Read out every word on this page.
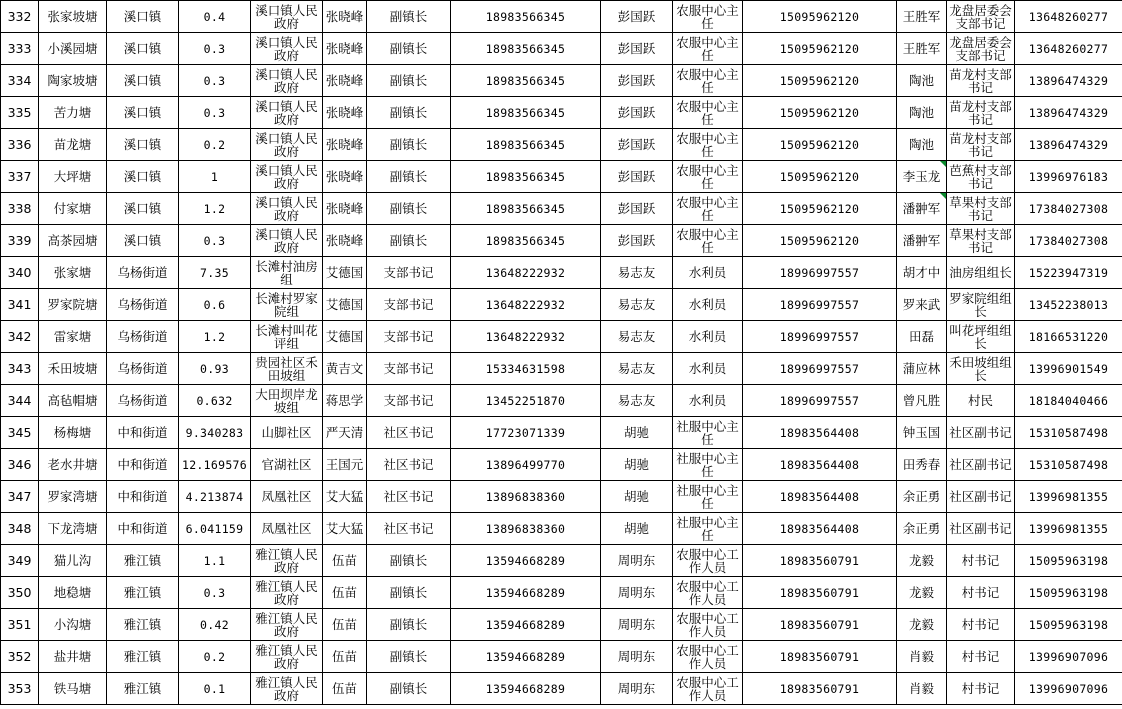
332	张家坡塘	溪口镇	0.4	溪口镇人民政府	张晓峰	副镇长	18983566345	彭国跃	农服中心主任	15095962120	王胜军	龙盘居委会支部书记	13648260277
333	小溪园塘	溪口镇	0.3	溪口镇人民政府	张晓峰	副镇长	18983566345	彭国跃	农服中心主任	15095962120	王胜军	龙盘居委会支部书记	13648260277
334	陶家坡塘	溪口镇	0.3	溪口镇人民政府	张晓峰	副镇长	18983566345	彭国跃	农服中心主任	15095962120	陶池	苗龙村支部书记	13896474329
335	苦力塘	溪口镇	0.3	溪口镇人民政府	张晓峰	副镇长	18983566345	彭国跃	农服中心主任	15095962120	陶池	苗龙村支部书记	13896474329
336	苗龙塘	溪口镇	0.2	溪口镇人民政府	张晓峰	副镇长	18983566345	彭国跃	农服中心主任	15095962120	陶池	苗龙村支部书记	13896474329
337	大坪塘	溪口镇	1	溪口镇人民政府	张晓峰	副镇长	18983566345	彭国跃	农服中心主任	15095962120	李玉龙	芭蕉村支部书记	13996976183
338	付家塘	溪口镇	1.2	溪口镇人民政府	张晓峰	副镇长	18983566345	彭国跃	农服中心主任	15095962120	潘翀军	草果村支部书记	17384027308
339	高茶园塘	溪口镇	0.3	溪口镇人民政府	张晓峰	副镇长	18983566345	彭国跃	农服中心主任	15095962120	潘翀军	草果村支部书记	17384027308
340	张家塘	乌杨街道	7.35	长滩村油房组	艾德国	支部书记	13648222932	易志友	水利员	18996997557	胡才中	油房组组长	15223947319
341	罗家院塘	乌杨街道	0.6	长滩村罗家院组	艾德国	支部书记	13648222932	易志友	水利员	18996997557	罗来武	罗家院组组长	13452238013
342	雷家塘	乌杨街道	1.2	长滩村叫花评组	艾德国	支部书记	13648222932	易志友	水利员	18996997557	田磊	叫花坪组组长	18166531220
343	禾田坡塘	乌杨街道	0.93	贵园社区禾田坡组	黄吉文	支部书记	15334631598	易志友	水利员	18996997557	蒲应林	禾田坡组组长	13996901549
344	高毡帽塘	乌杨街道	0.632	大田坝岸龙坡组	蒋思学	支部书记	13452251870	易志友	水利员	18996997557	曾凡胜	村民	18184040466
345	杨梅塘	中和街道	9.340283	山脚社区	严天清	社区书记	17723071339	胡驰	社服中心主任	18983564408	钟玉国	社区副书记	15310587498
346	老水井塘	中和街道	12.169576	官湖社区	王国元	社区书记	13896499770	胡驰	社服中心主任	18983564408	田秀春	社区副书记	15310587498
347	罗家湾塘	中和街道	4.213874	凤凰社区	艾大猛	社区书记	13896838360	胡驰	社服中心主任	18983564408	余正勇	社区副书记	13996981355
348	下龙湾塘	中和街道	6.041159	凤凰社区	艾大猛	社区书记	13896838360	胡驰	社服中心主任	18983564408	余正勇	社区副书记	13996981355
349	猫儿沟	雅江镇	1.1	雅江镇人民政府	伍苗	副镇长	13594668289	周明东	农服中心工作人员	18983560791	龙毅	村书记	15095963198
350	地稳塘	雅江镇	0.3	雅江镇人民政府	伍苗	副镇长	13594668289	周明东	农服中心工作人员	18983560791	龙毅	村书记	15095963198
351	小沟塘	雅江镇	0.42	雅江镇人民政府	伍苗	副镇长	13594668289	周明东	农服中心工作人员	18983560791	龙毅	村书记	15095963198
352	盐井塘	雅江镇	0.2	雅江镇人民政府	伍苗	副镇长	13594668289	周明东	农服中心工作人员	18983560791	肖毅	村书记	13996907096
353	铁马塘	雅江镇	0.1	雅江镇人民政府	伍苗	副镇长	13594668289	周明东	农服中心工作人员	18983560791	肖毅	村书记	13996907096
